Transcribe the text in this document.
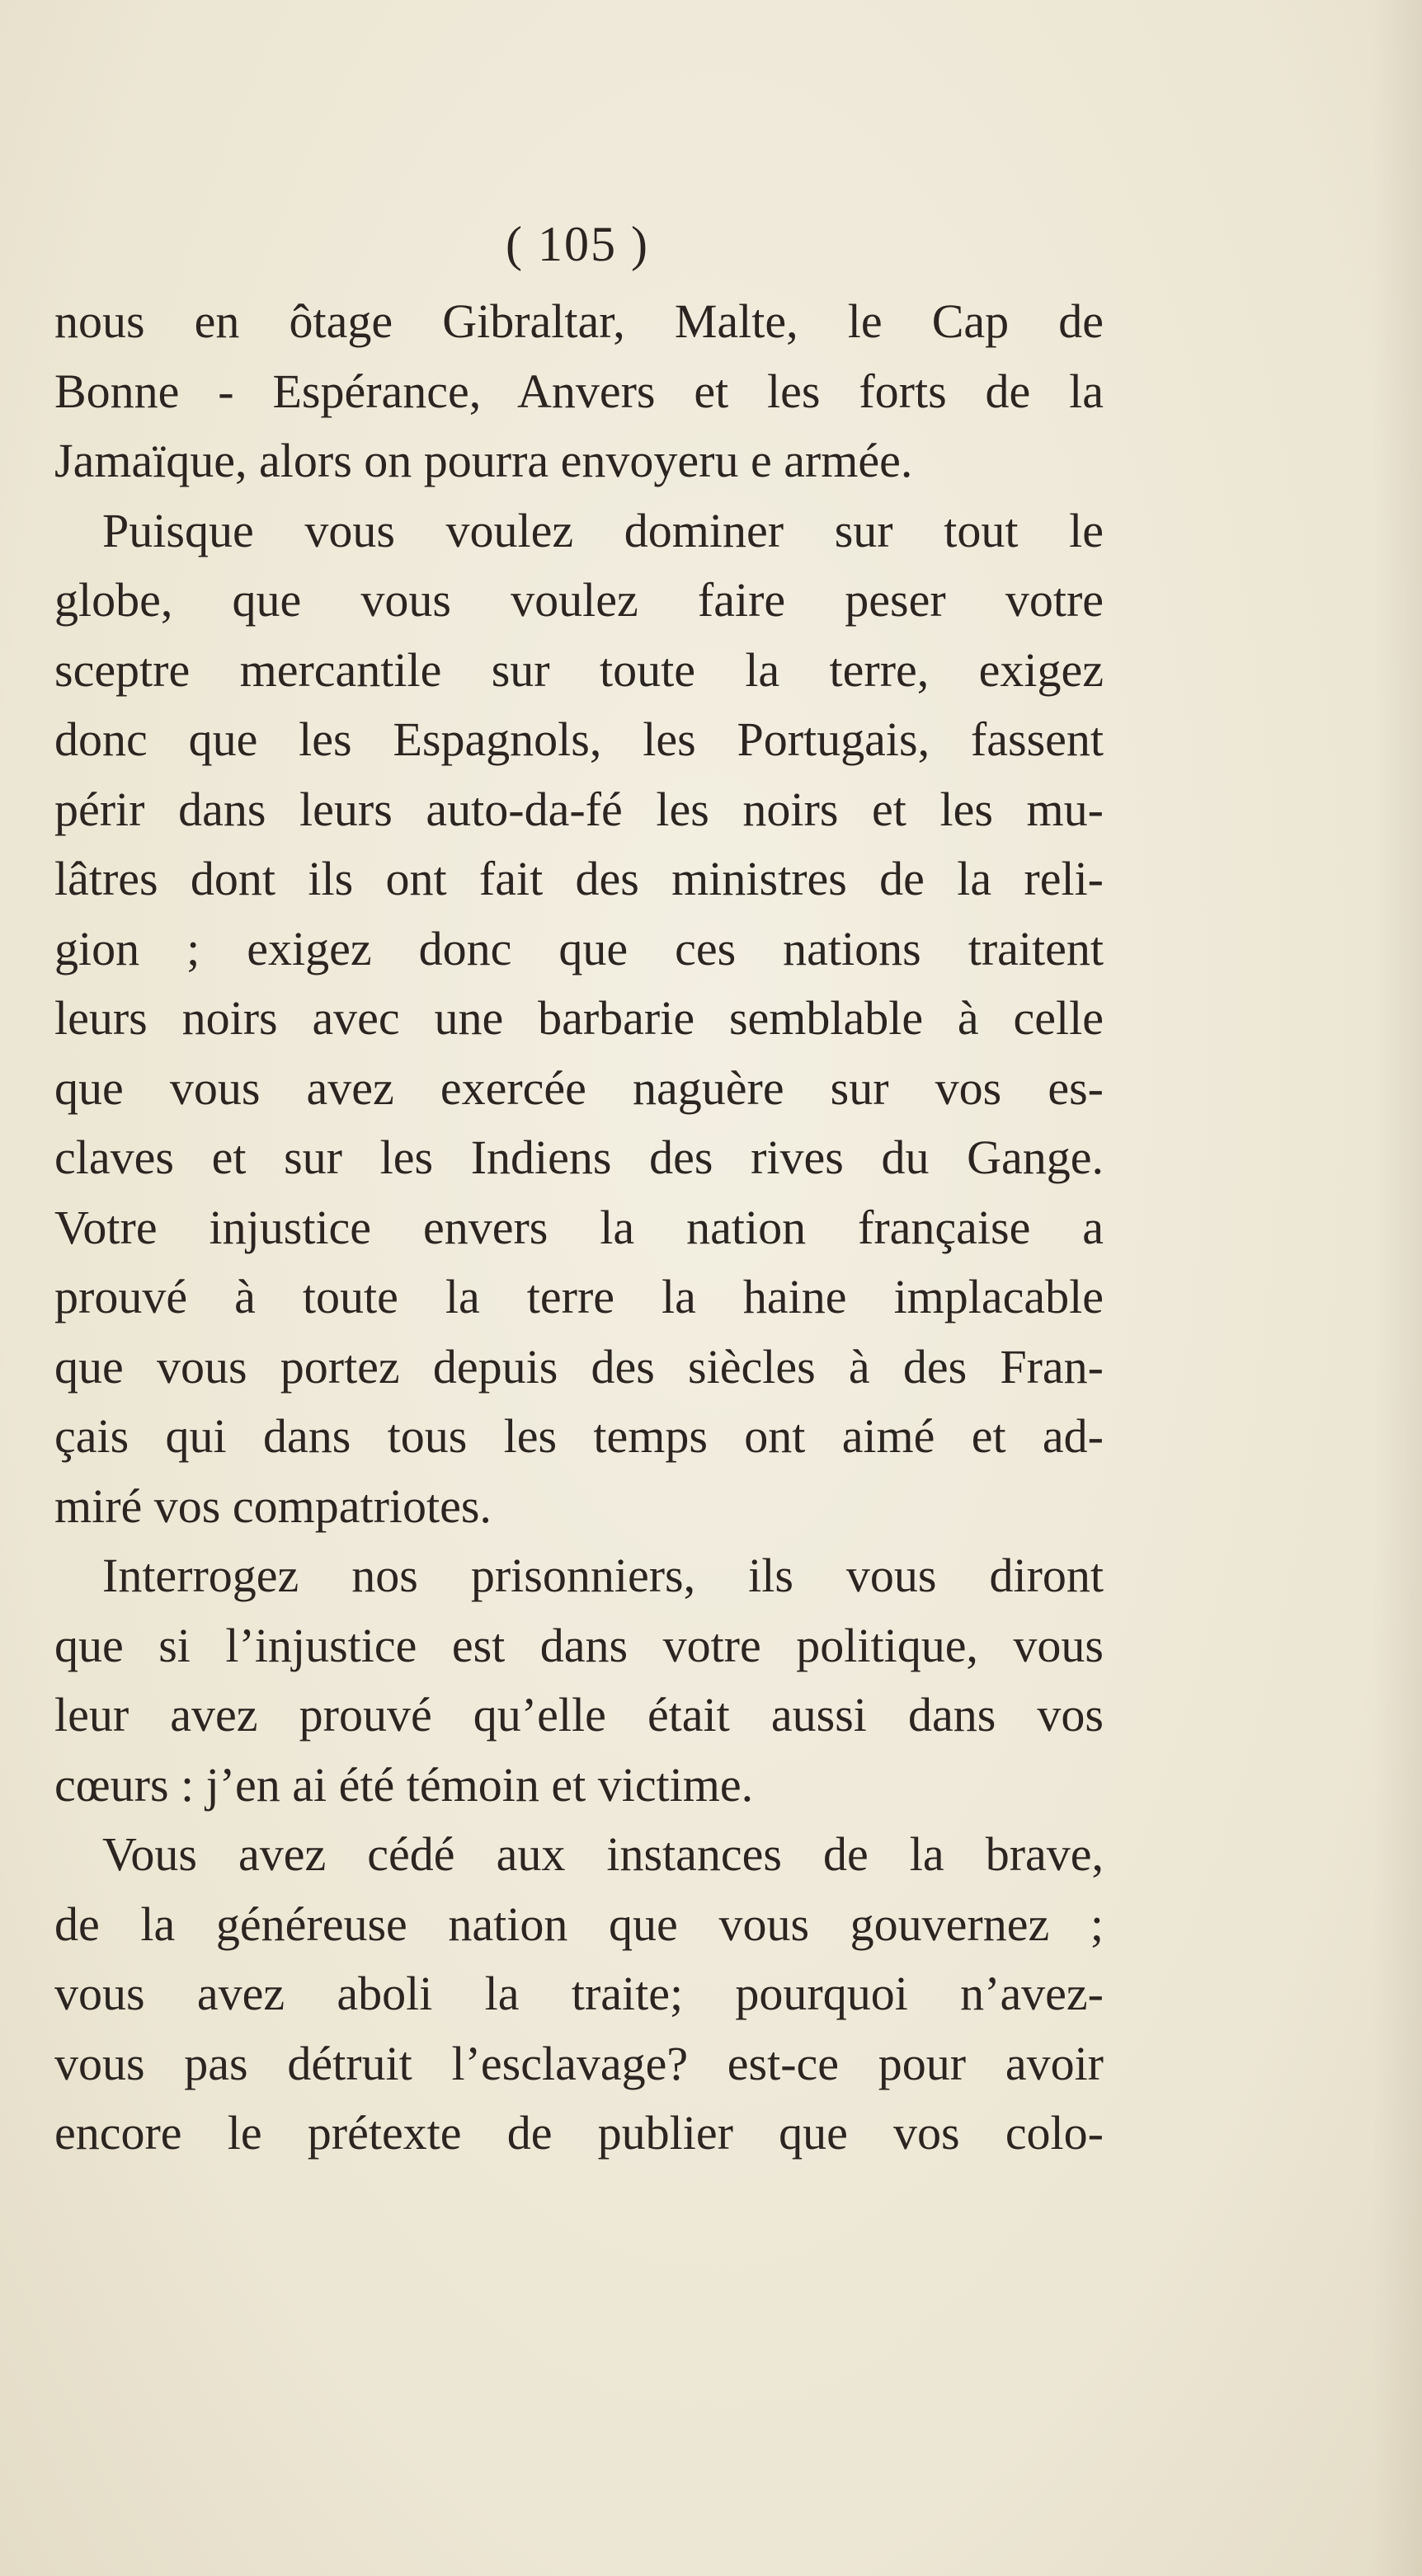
( 105 )
nous en ôtage Gibraltar, Malte, le Cap de
Bonne - Espérance, Anvers et les forts de la
Jamaïque, alors on pourra envoyeru e armée.
Puisque vous voulez dominer sur tout le
globe, que vous voulez faire peser votre
sceptre mercantile sur toute la terre, exigez
donc que les Espagnols, les Portugais, fassent
périr dans leurs auto-da-fé les noirs et les mu-
lâtres dont ils ont fait des ministres de la reli-
gion ; exigez donc que ces nations traitent
leurs noirs avec une barbarie semblable à celle
que vous avez exercée naguère sur vos es-
claves et sur les Indiens des rives du Gange.
Votre injustice envers la nation française a
prouvé à toute la terre la haine implacable
que vous portez depuis des siècles à des Fran-
çais qui dans tous les temps ont aimé et ad-
miré vos compatriotes.
Interrogez nos prisonniers, ils vous diront
que si l’injustice est dans votre politique, vous
leur avez prouvé qu’elle était aussi dans vos
cœurs : j’en ai été témoin et victime.
Vous avez cédé aux instances de la brave,
de la généreuse nation que vous gouvernez ;
vous avez aboli la traite; pourquoi n’avez-
vous pas détruit l’esclavage? est-ce pour avoir
encore le prétexte de publier que vos colo-
